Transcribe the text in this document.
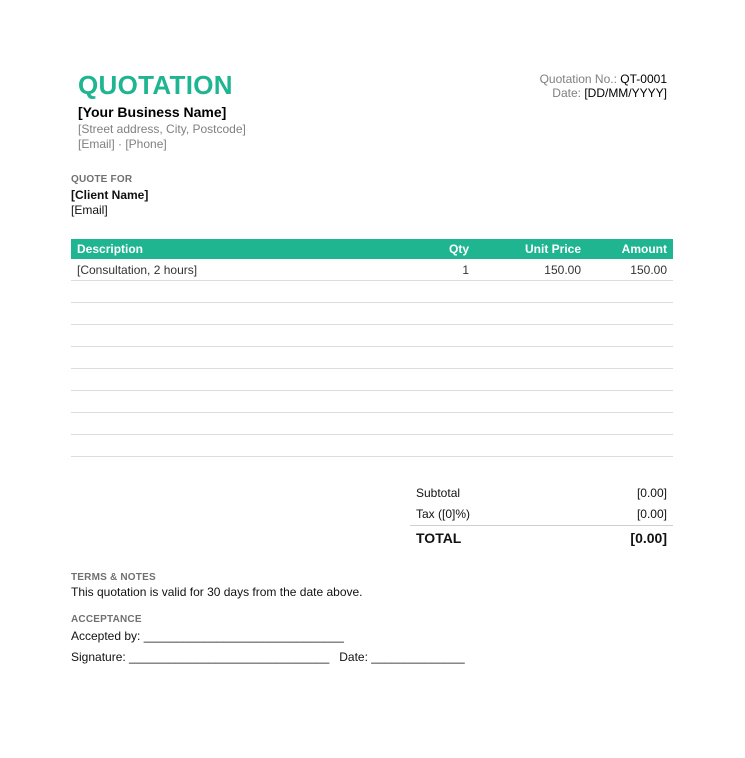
QUOTATION
[Your Business Name]
[Street address, City, Postcode]
[Email] · [Phone]
Quotation No.: QT-0001
Date: [DD/MM/YYYY]
QUOTE FOR
[Client Name]
[Email]
Description	Qty	Unit Price	Amount
[Consultation, 2 hours]	1	150.00	150.00

Subtotal	[0.00]
Tax ([0]%)	[0.00]
TOTAL	[0.00]
TERMS & NOTES
This quotation is valid for 30 days from the date above.
ACCEPTANCE
Accepted by: ______________________________
Signature: ______________________________   Date: ______________
